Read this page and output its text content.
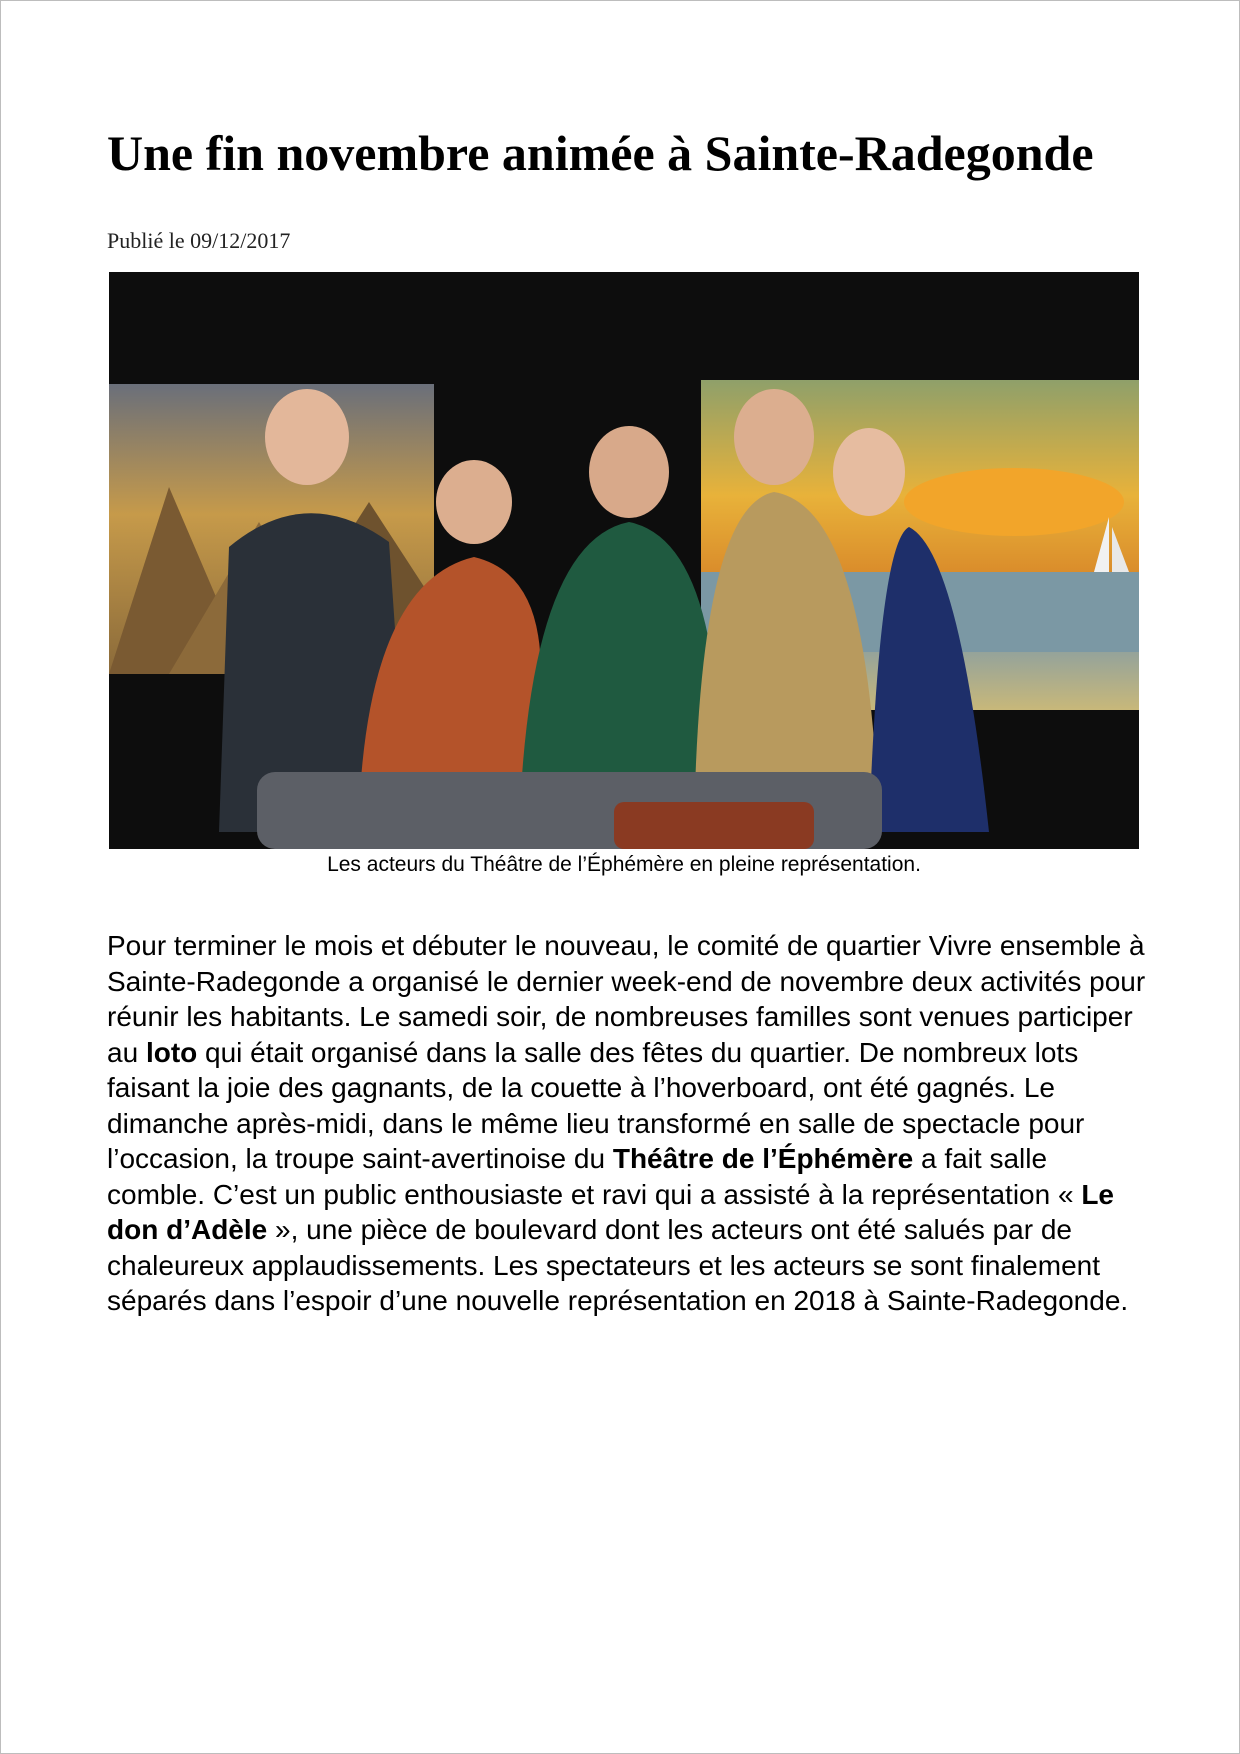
Une fin novembre animée à Sainte-Radegonde
Publié le 09/12/2017
Les acteurs du Théâtre de l’Éphémère en pleine représentation.

Pour terminer le mois et débuter le nouveau, le comité de quartier Vivre ensemble à Sainte-Radegonde a organisé le dernier week-end de novembre deux activités pour réunir les habitants. Le samedi soir, de nombreuses familles sont venues participer au loto qui était organisé dans la salle des fêtes du quartier. De nombreux lots faisant la joie des gagnants, de la couette à l’hoverboard, ont été gagnés. Le dimanche après-midi, dans le même lieu transformé en salle de spectacle pour l’occasion, la troupe saint-avertinoise du Théâtre de l’Éphémère a fait salle comble. C’est un public enthousiaste et ravi qui a assisté à la représentation « Le don d’Adèle », une pièce de boulevard dont les acteurs ont été salués par de chaleureux applaudissements. Les spectateurs et les acteurs se sont finalement séparés dans l’espoir d’une nouvelle représentation en 2018 à Sainte-Radegonde.
